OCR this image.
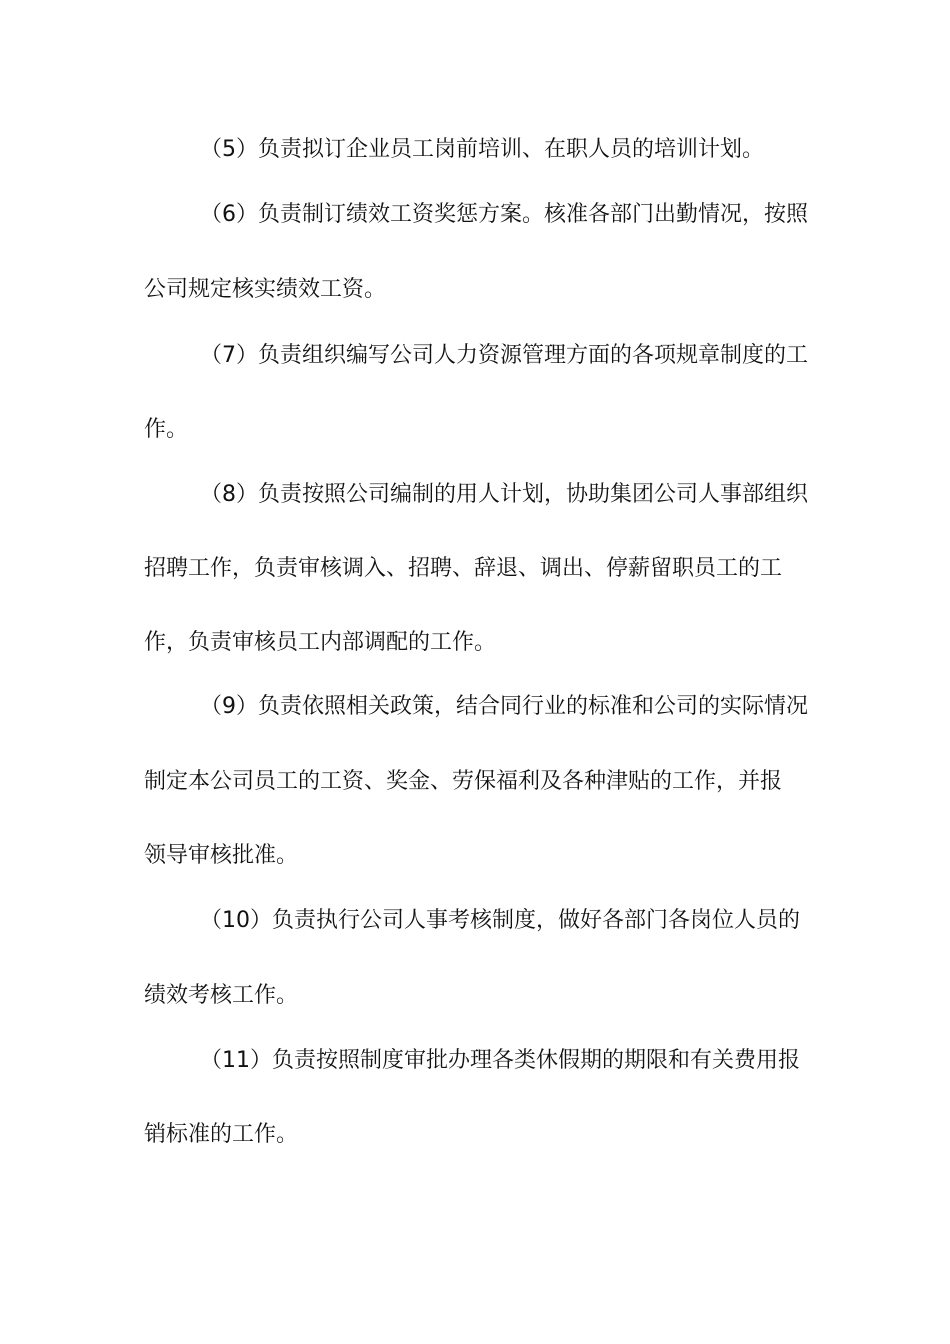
（5）负责拟订企业员工岗前培训、在职人员的培训计划。

（6）负责制订绩效工资奖惩方案。核准各部门出勤情况，按照

公司规定核实绩效工资。

（7）负责组织编写公司人力资源管理方面的各项规章制度的工

作。

（8）负责按照公司编制的用人计划，协助集团公司人事部组织

招聘工作，负责审核调入、招聘、辞退、调出、停薪留职员工的工

作，负责审核员工内部调配的工作。

（9）负责依照相关政策，结合同行业的标准和公司的实际情况

制定本公司员工的工资、奖金、劳保福利及各种津贴的工作，并报

领导审核批准。

（10）负责执行公司人事考核制度，做好各部门各岗位人员的

绩效考核工作。

（11）负责按照制度审批办理各类休假期的期限和有关费用报

销标准的工作。
